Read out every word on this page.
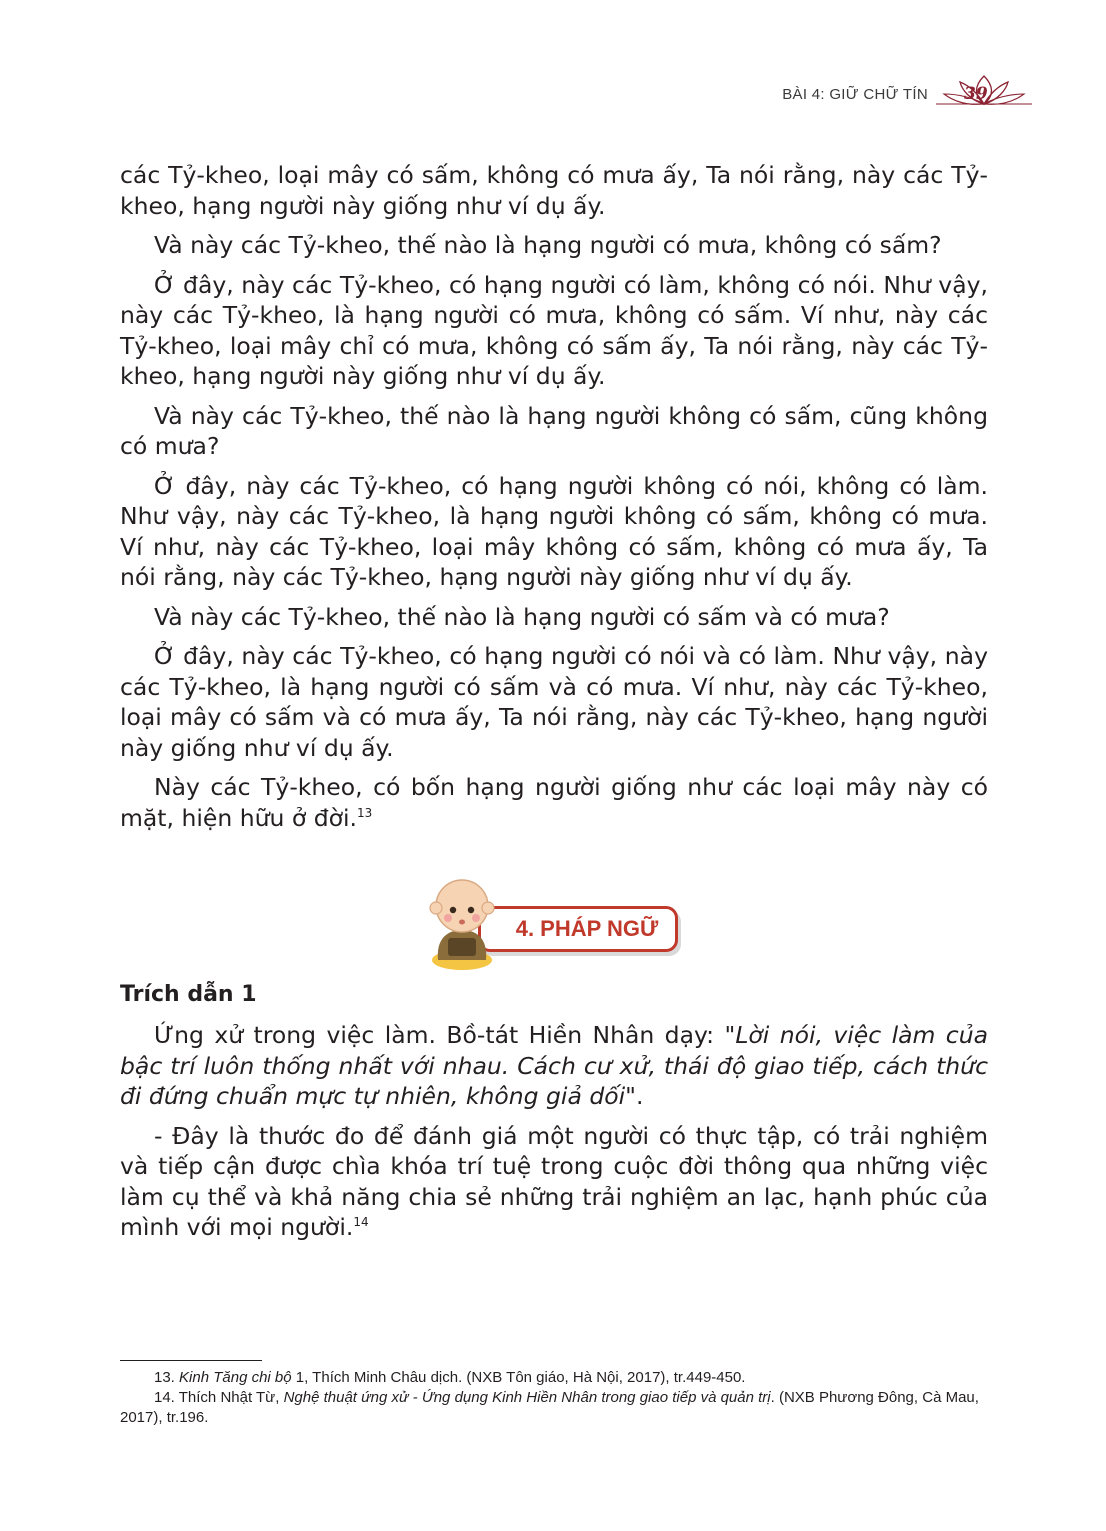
BÀI 4: GIỮ CHỮ TÍN 39

các Tỷ-kheo, loại mây có sấm, không có mưa ấy, Ta nói rằng, này các Tỷ-kheo, hạng người này giống như ví dụ ấy.

Và này các Tỷ-kheo, thế nào là hạng người có mưa, không có sấm?

Ở đây, này các Tỷ-kheo, có hạng người có làm, không có nói. Như vậy, này các Tỷ-kheo, là hạng người có mưa, không có sấm. Ví như, này các Tỷ-kheo, loại mây chỉ có mưa, không có sấm ấy, Ta nói rằng, này các Tỷ-kheo, hạng người này giống như ví dụ ấy.

Và này các Tỷ-kheo, thế nào là hạng người không có sấm, cũng không có mưa?

Ở đây, này các Tỷ-kheo, có hạng người không có nói, không có làm. Như vậy, này các Tỷ-kheo, là hạng người không có sấm, không có mưa. Ví như, này các Tỷ-kheo, loại mây không có sấm, không có mưa ấy, Ta nói rằng, này các Tỷ-kheo, hạng người này giống như ví dụ ấy.

Và này các Tỷ-kheo, thế nào là hạng người có sấm và có mưa?

Ở đây, này các Tỷ-kheo, có hạng người có nói và có làm. Như vậy, này các Tỷ-kheo, là hạng người có sấm và có mưa. Ví như, này các Tỷ-kheo, loại mây có sấm và có mưa ấy, Ta nói rằng, này các Tỷ-kheo, hạng người này giống như ví dụ ấy.

Này các Tỷ-kheo, có bốn hạng người giống như các loại mây này có mặt, hiện hữu ở đời.$^{13}$

4. PHÁP NGỮ
Trích dẫn 1

Ứng xử trong việc làm. Bồ-tát Hiền Nhân dạy: "Lời nói, việc làm của bậc trí luôn thống nhất với nhau. Cách cư xử, thái độ giao tiếp, cách thức đi đứng chuẩn mực tự nhiên, không giả dối".

- Đây là thước đo để đánh giá một người có thực tập, có trải nghiệm và tiếp cận được chìa khóa trí tuệ trong cuộc đời thông qua những việc làm cụ thể và khả năng chia sẻ những trải nghiệm an lạc, hạnh phúc của mình với mọi người.$^{14}$

13. Kinh Tăng chi bộ 1, Thích Minh Châu dịch. (NXB Tôn giáo, Hà Nội, 2017), tr.449-450.

14. Thích Nhật Từ, Nghệ thuật ứng xử - Ứng dụng Kinh Hiền Nhân trong giao tiếp và quản trị. (NXB Phương Đông, Cà Mau, 2017), tr.196.
